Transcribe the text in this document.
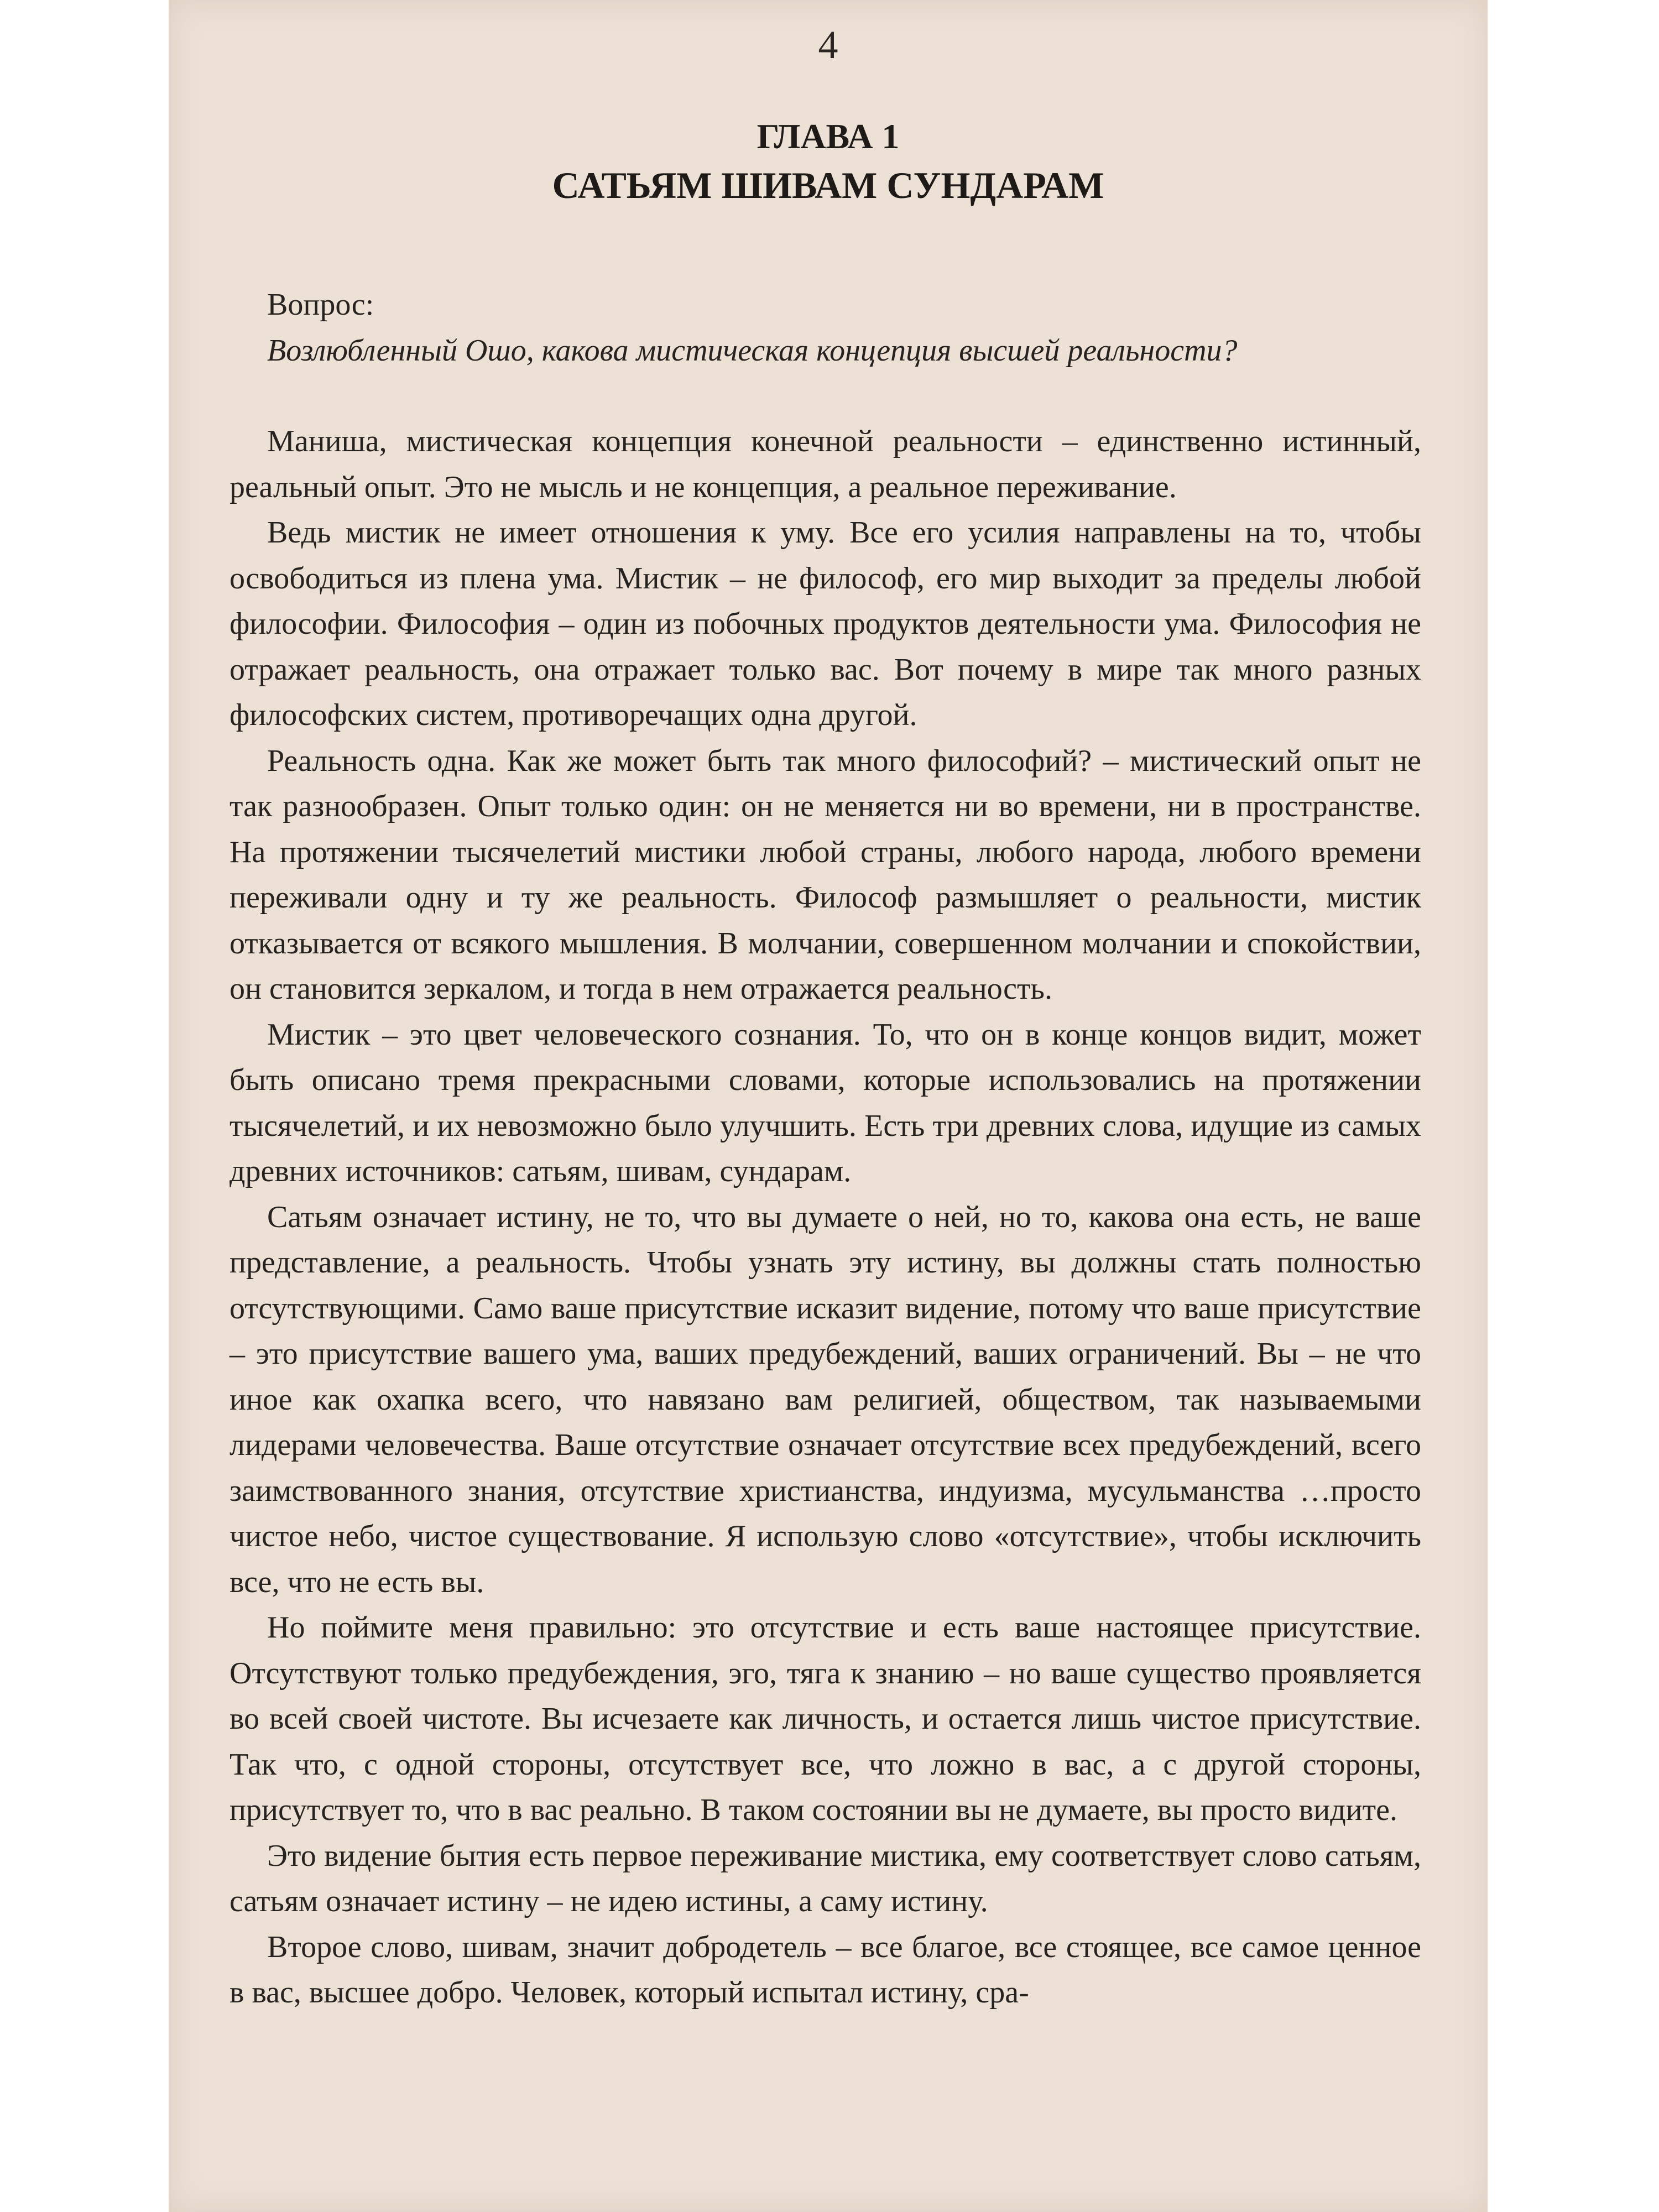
4
ГЛАВА 1
САТЬЯМ ШИВАМ СУНДАРАМ

Вопрос:

Возлюбленный Ошо, какова мистическая концепция высшей реальности?

Маниша, мистическая концепция конечной реальности – единственно истинный, реальный опыт. Это не мысль и не концепция, а реальное переживание.

Ведь мистик не имеет отношения к уму. Все его усилия направлены на то, чтобы освободиться из плена ума. Мистик – не философ, его мир выходит за пределы любой философии. Философия – один из побочных продуктов деятельности ума. Философия не отражает реальность, она отражает только вас. Вот почему в мире так много разных философских систем, противоречащих одна другой.

Реальность одна. Как же может быть так много философий? – мистический опыт не так разнообразен. Опыт только один: он не меняется ни во времени, ни в пространстве. На протяжении тысячелетий мистики любой страны, любого народа, любого времени переживали одну и ту же реальность. Философ размышляет о реальности, мистик отказывается от всякого мышления. В молчании, совершенном молчании и спокойствии, он становится зеркалом, и тогда в нем отражается реальность.

Мистик – это цвет человеческого сознания. То, что он в конце концов видит, может быть описано тремя прекрасными словами, которые использовались на протяжении тысячелетий, и их невозможно было улучшить. Есть три древних слова, идущие из самых древних источников: сатьям, шивам, сундарам.

Сатьям означает истину, не то, что вы думаете о ней, но то, какова она есть, не ваше представление, а реальность. Чтобы узнать эту истину, вы должны стать полностью отсутствующими. Само ваше присутствие исказит видение, потому что ваше присутствие – это присутствие вашего ума, ваших предубеждений, ваших ограничений. Вы – не что иное как охапка всего, что навязано вам религией, обществом, так называемыми лидерами человечества. Ваше отсутствие означает отсутствие всех предубеждений, всего заимствованного знания, отсутствие христианства, индуизма, мусульманства …просто чистое небо, чистое существование. Я использую слово «отсутствие», чтобы исключить все, что не есть вы.

Но поймите меня правильно: это отсутствие и есть ваше настоящее присутствие. Отсутствуют только предубеждения, эго, тяга к знанию – но ваше существо проявляется во всей своей чистоте. Вы исчезаете как личность, и остается лишь чистое присутствие. Так что, с одной стороны, отсутствует все, что ложно в вас, а с другой стороны, присутствует то, что в вас реально. В таком состоянии вы не думаете, вы просто видите.

Это видение бытия есть первое переживание мистика, ему соответствует слово сатьям, сатьям означает истину – не идею истины, а саму истину.

Второе слово, шивам, значит добродетель – все благое, все стоящее, все самое ценное в вас, высшее добро. Человек, который испытал истину, сра-
